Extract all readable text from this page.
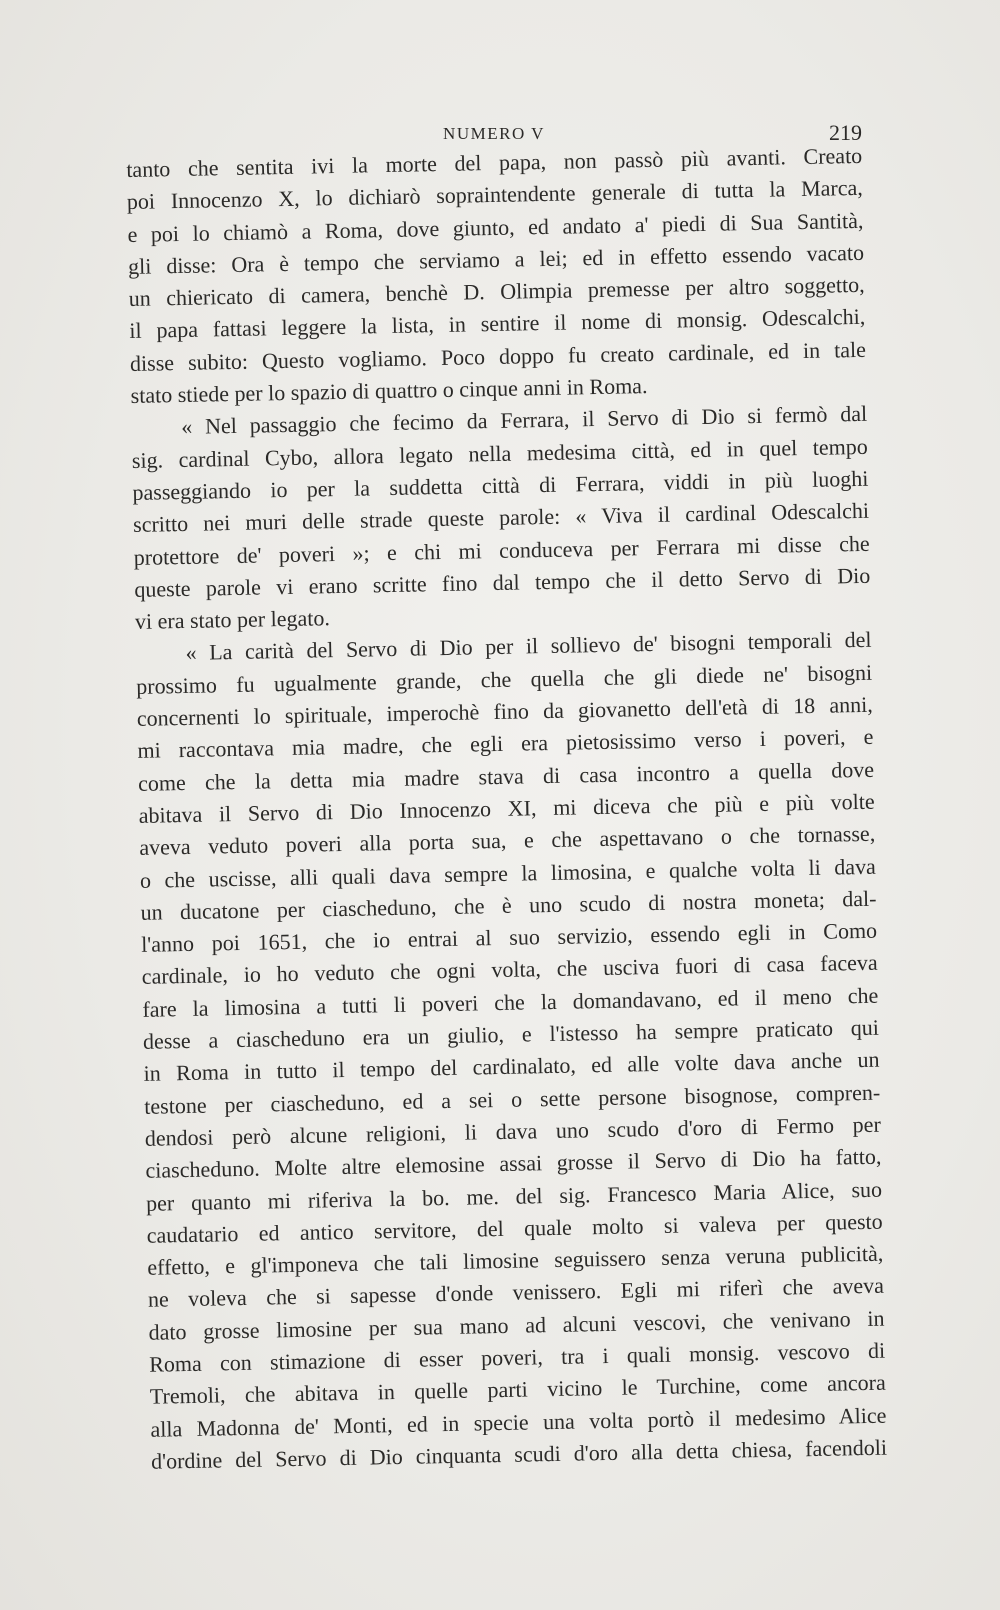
NUMERO V	219
tanto che sentita ivi la morte del papa, non passò più avanti. Creato
poi Innocenzo X, lo dichiarò sopraintendente generale di tutta la Marca,
e poi lo chiamò a Roma, dove giunto, ed andato a' piedi di Sua Santità,
gli disse: Ora è tempo che serviamo a lei; ed in effetto essendo vacato
un chiericato di camera, benchè D. Olimpia premesse per altro soggetto,
il papa fattasi leggere la lista, in sentire il nome di monsig. Odescalchi,
disse subito: Questo vogliamo. Poco doppo fu creato cardinale, ed in tale
stato stiede per lo spazio di quattro o cinque anni in Roma.
« Nel passaggio che fecimo da Ferrara, il Servo di Dio si fermò dal
sig. cardinal Cybo, allora legato nella medesima città, ed in quel tempo
passeggiando io per la suddetta città di Ferrara, viddi in più luoghi
scritto nei muri delle strade queste parole: « Viva il cardinal Odescalchi
protettore de' poveri »; e chi mi conduceva per Ferrara mi disse che
queste parole vi erano scritte fino dal tempo che il detto Servo di Dio
vi era stato per legato.
« La carità del Servo di Dio per il sollievo de' bisogni temporali del
prossimo fu ugualmente grande, che quella che gli diede ne' bisogni
concernenti lo spirituale, imperochè fino da giovanetto dell'età di 18 anni,
mi raccontava mia madre, che egli era pietosissimo verso i poveri, e
come che la detta mia madre stava di casa incontro a quella dove
abitava il Servo di Dio Innocenzo XI, mi diceva che più e più volte
aveva veduto poveri alla porta sua, e che aspettavano o che tornasse,
o che uscisse, alli quali dava sempre la limosina, e qualche volta li dava
un ducatone per ciascheduno, che è uno scudo di nostra moneta; dal-
l'anno poi 1651, che io entrai al suo servizio, essendo egli in Como
cardinale, io ho veduto che ogni volta, che usciva fuori di casa faceva
fare la limosina a tutti li poveri che la domandavano, ed il meno che
desse a ciascheduno era un giulio, e l'istesso ha sempre praticato qui
in Roma in tutto il tempo del cardinalato, ed alle volte dava anche un
testone per ciascheduno, ed a sei o sette persone bisognose, compren-
dendosi però alcune religioni, li dava uno scudo d'oro di Fermo per
ciascheduno. Molte altre elemosine assai grosse il Servo di Dio ha fatto,
per quanto mi riferiva la bo. me. del sig. Francesco Maria Alice, suo
caudatario ed antico servitore, del quale molto si valeva per questo
effetto, e gl'imponeva che tali limosine seguissero senza veruna publicità,
ne voleva che si sapesse d'onde venissero. Egli mi riferì che aveva
dato grosse limosine per sua mano ad alcuni vescovi, che venivano in
Roma con stimazione di esser poveri, tra i quali monsig. vescovo di
Tremoli, che abitava in quelle parti vicino le Turchine, come ancora
alla Madonna de' Monti, ed in specie una volta portò il medesimo Alice
d'ordine del Servo di Dio cinquanta scudi d'oro alla detta chiesa, facendoli
